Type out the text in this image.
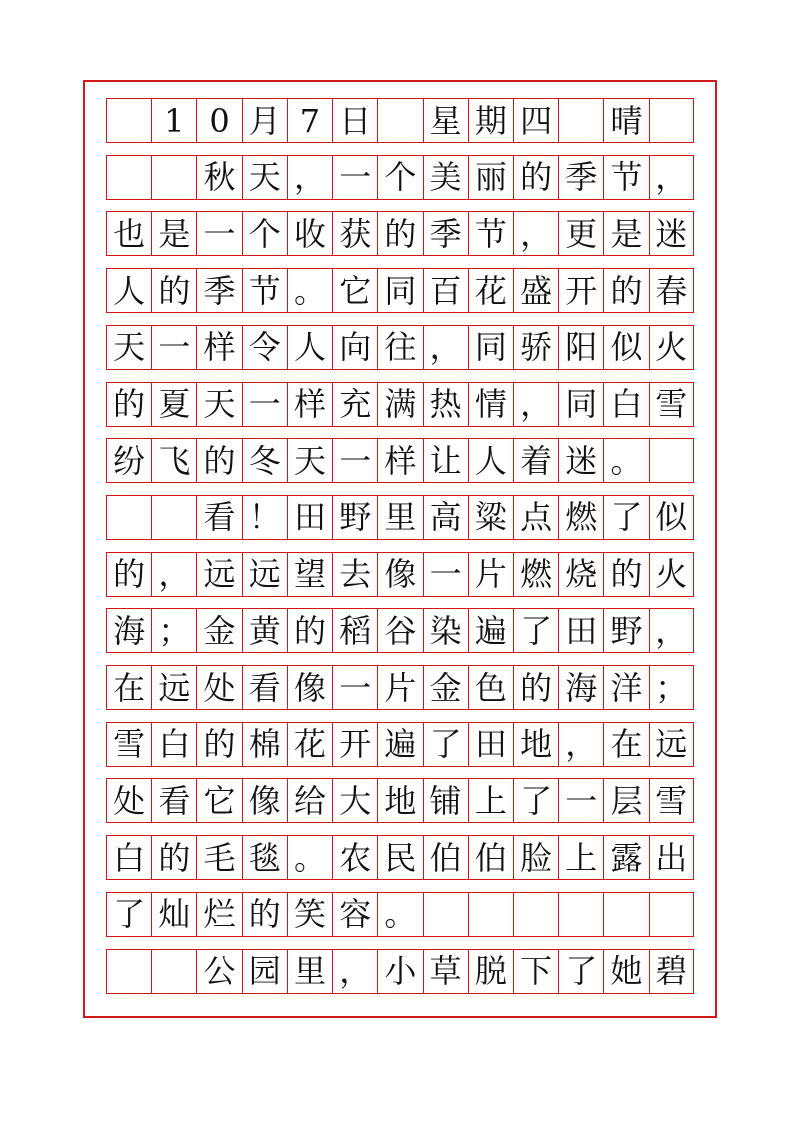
1 0 月 7 日 星 期 四 晴
秋 天 ， 一 个 美 丽 的 季 节 ，
也 是 一 个 收 获 的 季 节 ， 更 是 迷
人 的 季 节 。 它 同 百 花 盛 开 的 春
天 一 样 令 人 向 往 ， 同 骄 阳 似 火
的 夏 天 一 样 充 满 热 情 ， 同 白 雪
纷 飞 的 冬 天 一 样 让 人 着 迷 。
看 ！ 田 野 里 高 粱 点 燃 了 似
的 ， 远 远 望 去 像 一 片 燃 烧 的 火
海 ； 金 黄 的 稻 谷 染 遍 了 田 野 ，
在 远 处 看 像 一 片 金 色 的 海 洋 ；
雪 白 的 棉 花 开 遍 了 田 地 ， 在 远
处 看 它 像 给 大 地 铺 上 了 一 层 雪
白 的 毛 毯 。 农 民 伯 伯 脸 上 露 出
了 灿 烂 的 笑 容 。
公 园 里 ， 小 草 脱 下 了 她 碧
